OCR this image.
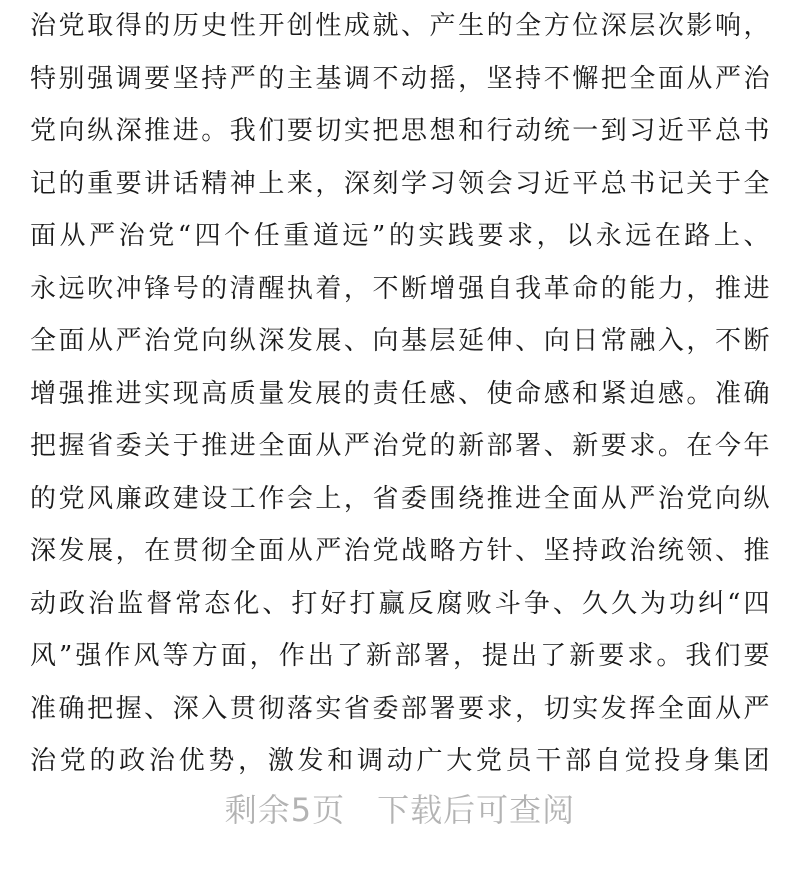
治党取得的历史性开创性成就、产生的全方位深层次影响，
特别强调要坚持严的主基调不动摇，坚持不懈把全面从严治
党向纵深推进。我们要切实把思想和行动统一到习近平总书
记的重要讲话精神上来，深刻学习领会习近平总书记关于全
面从严治党“四个任重道远”的实践要求，以永远在路上、
永远吹冲锋号的清醒执着，不断增强自我革命的能力，推进
全面从严治党向纵深发展、向基层延伸、向日常融入，不断
增强推进实现高质量发展的责任感、使命感和紧迫感。准确
把握省委关于推进全面从严治党的新部署、新要求。在今年
的党风廉政建设工作会上，省委围绕推进全面从严治党向纵
深发展，在贯彻全面从严治党战略方针、坚持政治统领、推
动政治监督常态化、打好打赢反腐败斗争、久久为功纠“四
风”强作风等方面，作出了新部署，提出了新要求。我们要
准确把握、深入贯彻落实省委部署要求，切实发挥全面从严
治党的政治优势，激发和调动广大党员干部自觉投身集团
剩余5页 下载后可查阅
